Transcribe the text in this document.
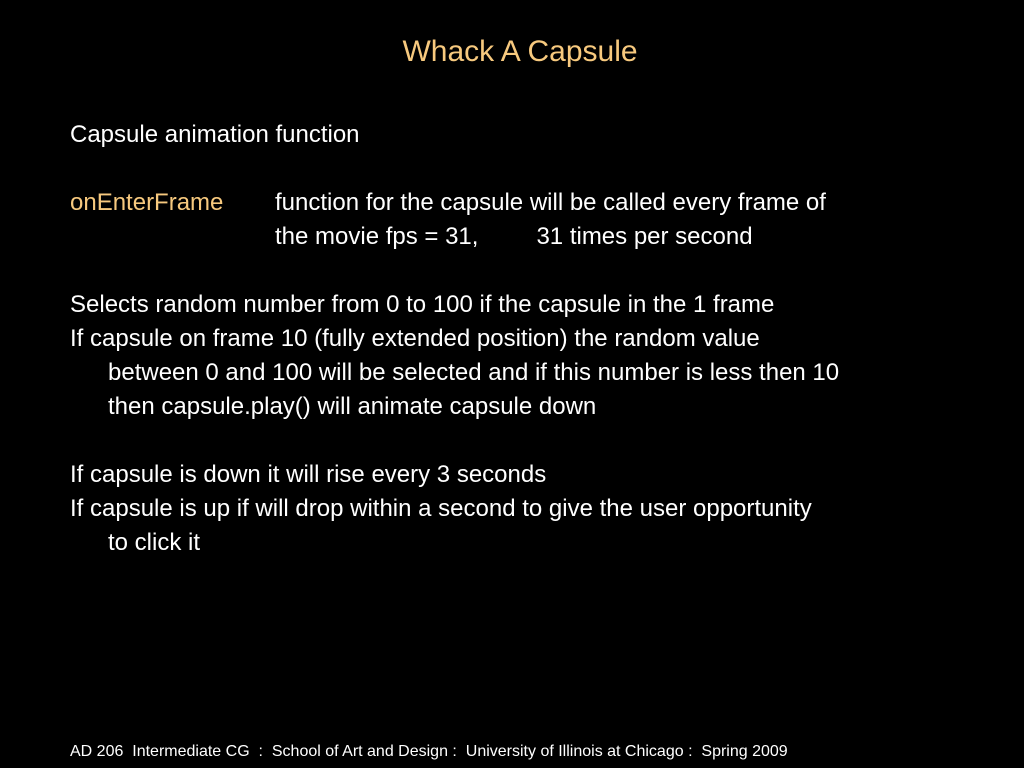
Whack A Capsule
Capsule animation function
onEnterFrame function for the capsule will be called every frame of
the movie fps = 31, 31 times per second
Selects random number from 0 to 100 if the capsule in the 1 frame
If capsule on frame 10 (fully extended position) the random value
between 0 and 100 will be selected and if this number is less then 10
then capsule.play() will animate capsule down
If capsule is down it will rise every 3 seconds
If capsule is up if will drop within a second to give the user opportunity
to click it
AD 206  Intermediate CG  :  School of Art and Design :  University of Illinois at Chicago :  Spring 2009
